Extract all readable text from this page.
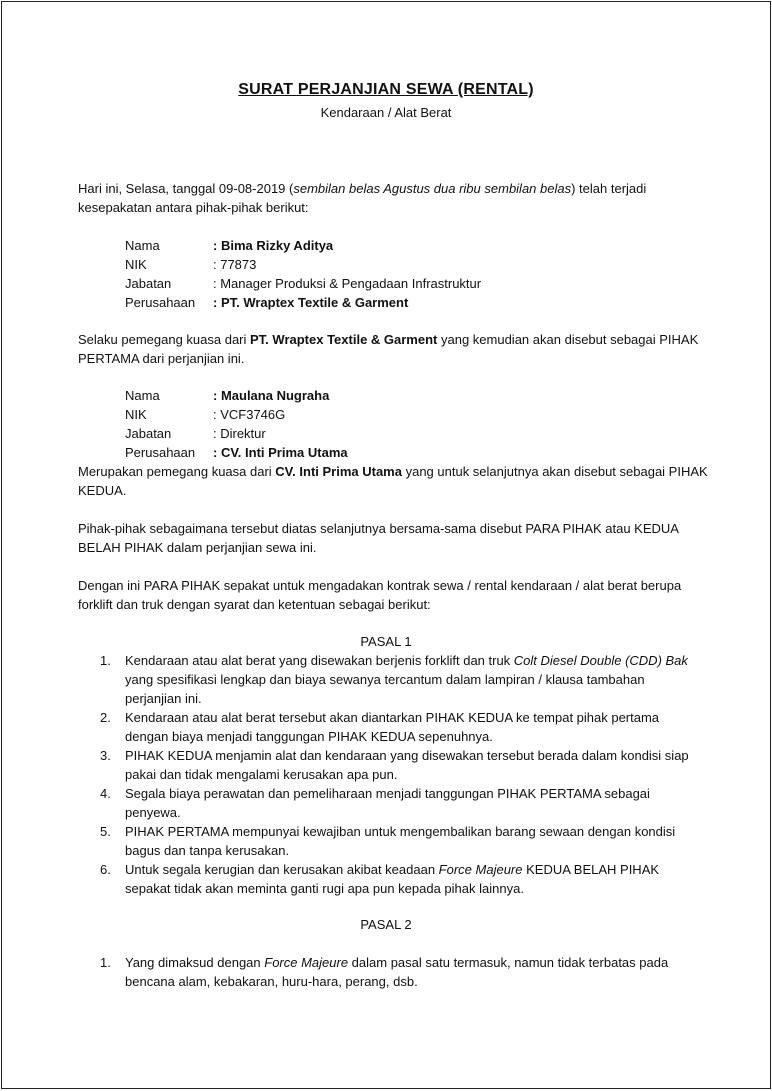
SURAT PERJANJIAN SEWA (RENTAL)
Kendaraan / Alat Berat

Hari ini, Selasa, tanggal 09-08-2019 (sembilan belas Agustus dua ribu sembilan belas) telah terjadi kesepakatan antara pihak-pihak berikut:

Nama	: Bima Rizky Aditya
NIK	: 77873
Jabatan	: Manager Produksi & Pengadaan Infrastruktur
Perusahaan	: PT. Wraptex Textile & Garment

Selaku pemegang kuasa dari PT. Wraptex Textile & Garment yang kemudian akan disebut sebagai PIHAK PERTAMA dari perjanjian ini.

Nama	: Maulana Nugraha
NIK	: VCF3746G
Jabatan	: Direktur
Perusahaan	: CV. Inti Prima Utama

Merupakan pemegang kuasa dari CV. Inti Prima Utama yang untuk selanjutnya akan disebut sebagai PIHAK KEDUA.

Pihak-pihak sebagaimana tersebut diatas selanjutnya bersama-sama disebut PARA PIHAK atau KEDUA BELAH PIHAK dalam perjanjian sewa ini.

Dengan ini PARA PIHAK sepakat untuk mengadakan kontrak sewa / rental kendaraan / alat berat berupa forklift dan truk dengan syarat dan ketentuan sebagai berikut:

PASAL 1
1. Kendaraan atau alat berat yang disewakan berjenis forklift dan truk Colt Diesel Double (CDD) Bak yang spesifikasi lengkap dan biaya sewanya tercantum dalam lampiran / klausa tambahan perjanjian ini.
2. Kendaraan atau alat berat tersebut akan diantarkan PIHAK KEDUA ke tempat pihak pertama dengan biaya menjadi tanggungan PIHAK KEDUA sepenuhnya.
3. PIHAK KEDUA menjamin alat dan kendaraan yang disewakan tersebut berada dalam kondisi siap pakai dan tidak mengalami kerusakan apa pun.
4. Segala biaya perawatan dan pemeliharaan menjadi tanggungan PIHAK PERTAMA sebagai penyewa.
5. PIHAK PERTAMA mempunyai kewajiban untuk mengembalikan barang sewaan dengan kondisi bagus dan tanpa kerusakan.
6. Untuk segala kerugian dan kerusakan akibat keadaan Force Majeure KEDUA BELAH PIHAK sepakat tidak akan meminta ganti rugi apa pun kepada pihak lainnya.
PASAL 2
1. Yang dimaksud dengan Force Majeure dalam pasal satu termasuk, namun tidak terbatas pada bencana alam, kebakaran, huru-hara, perang, dsb.
